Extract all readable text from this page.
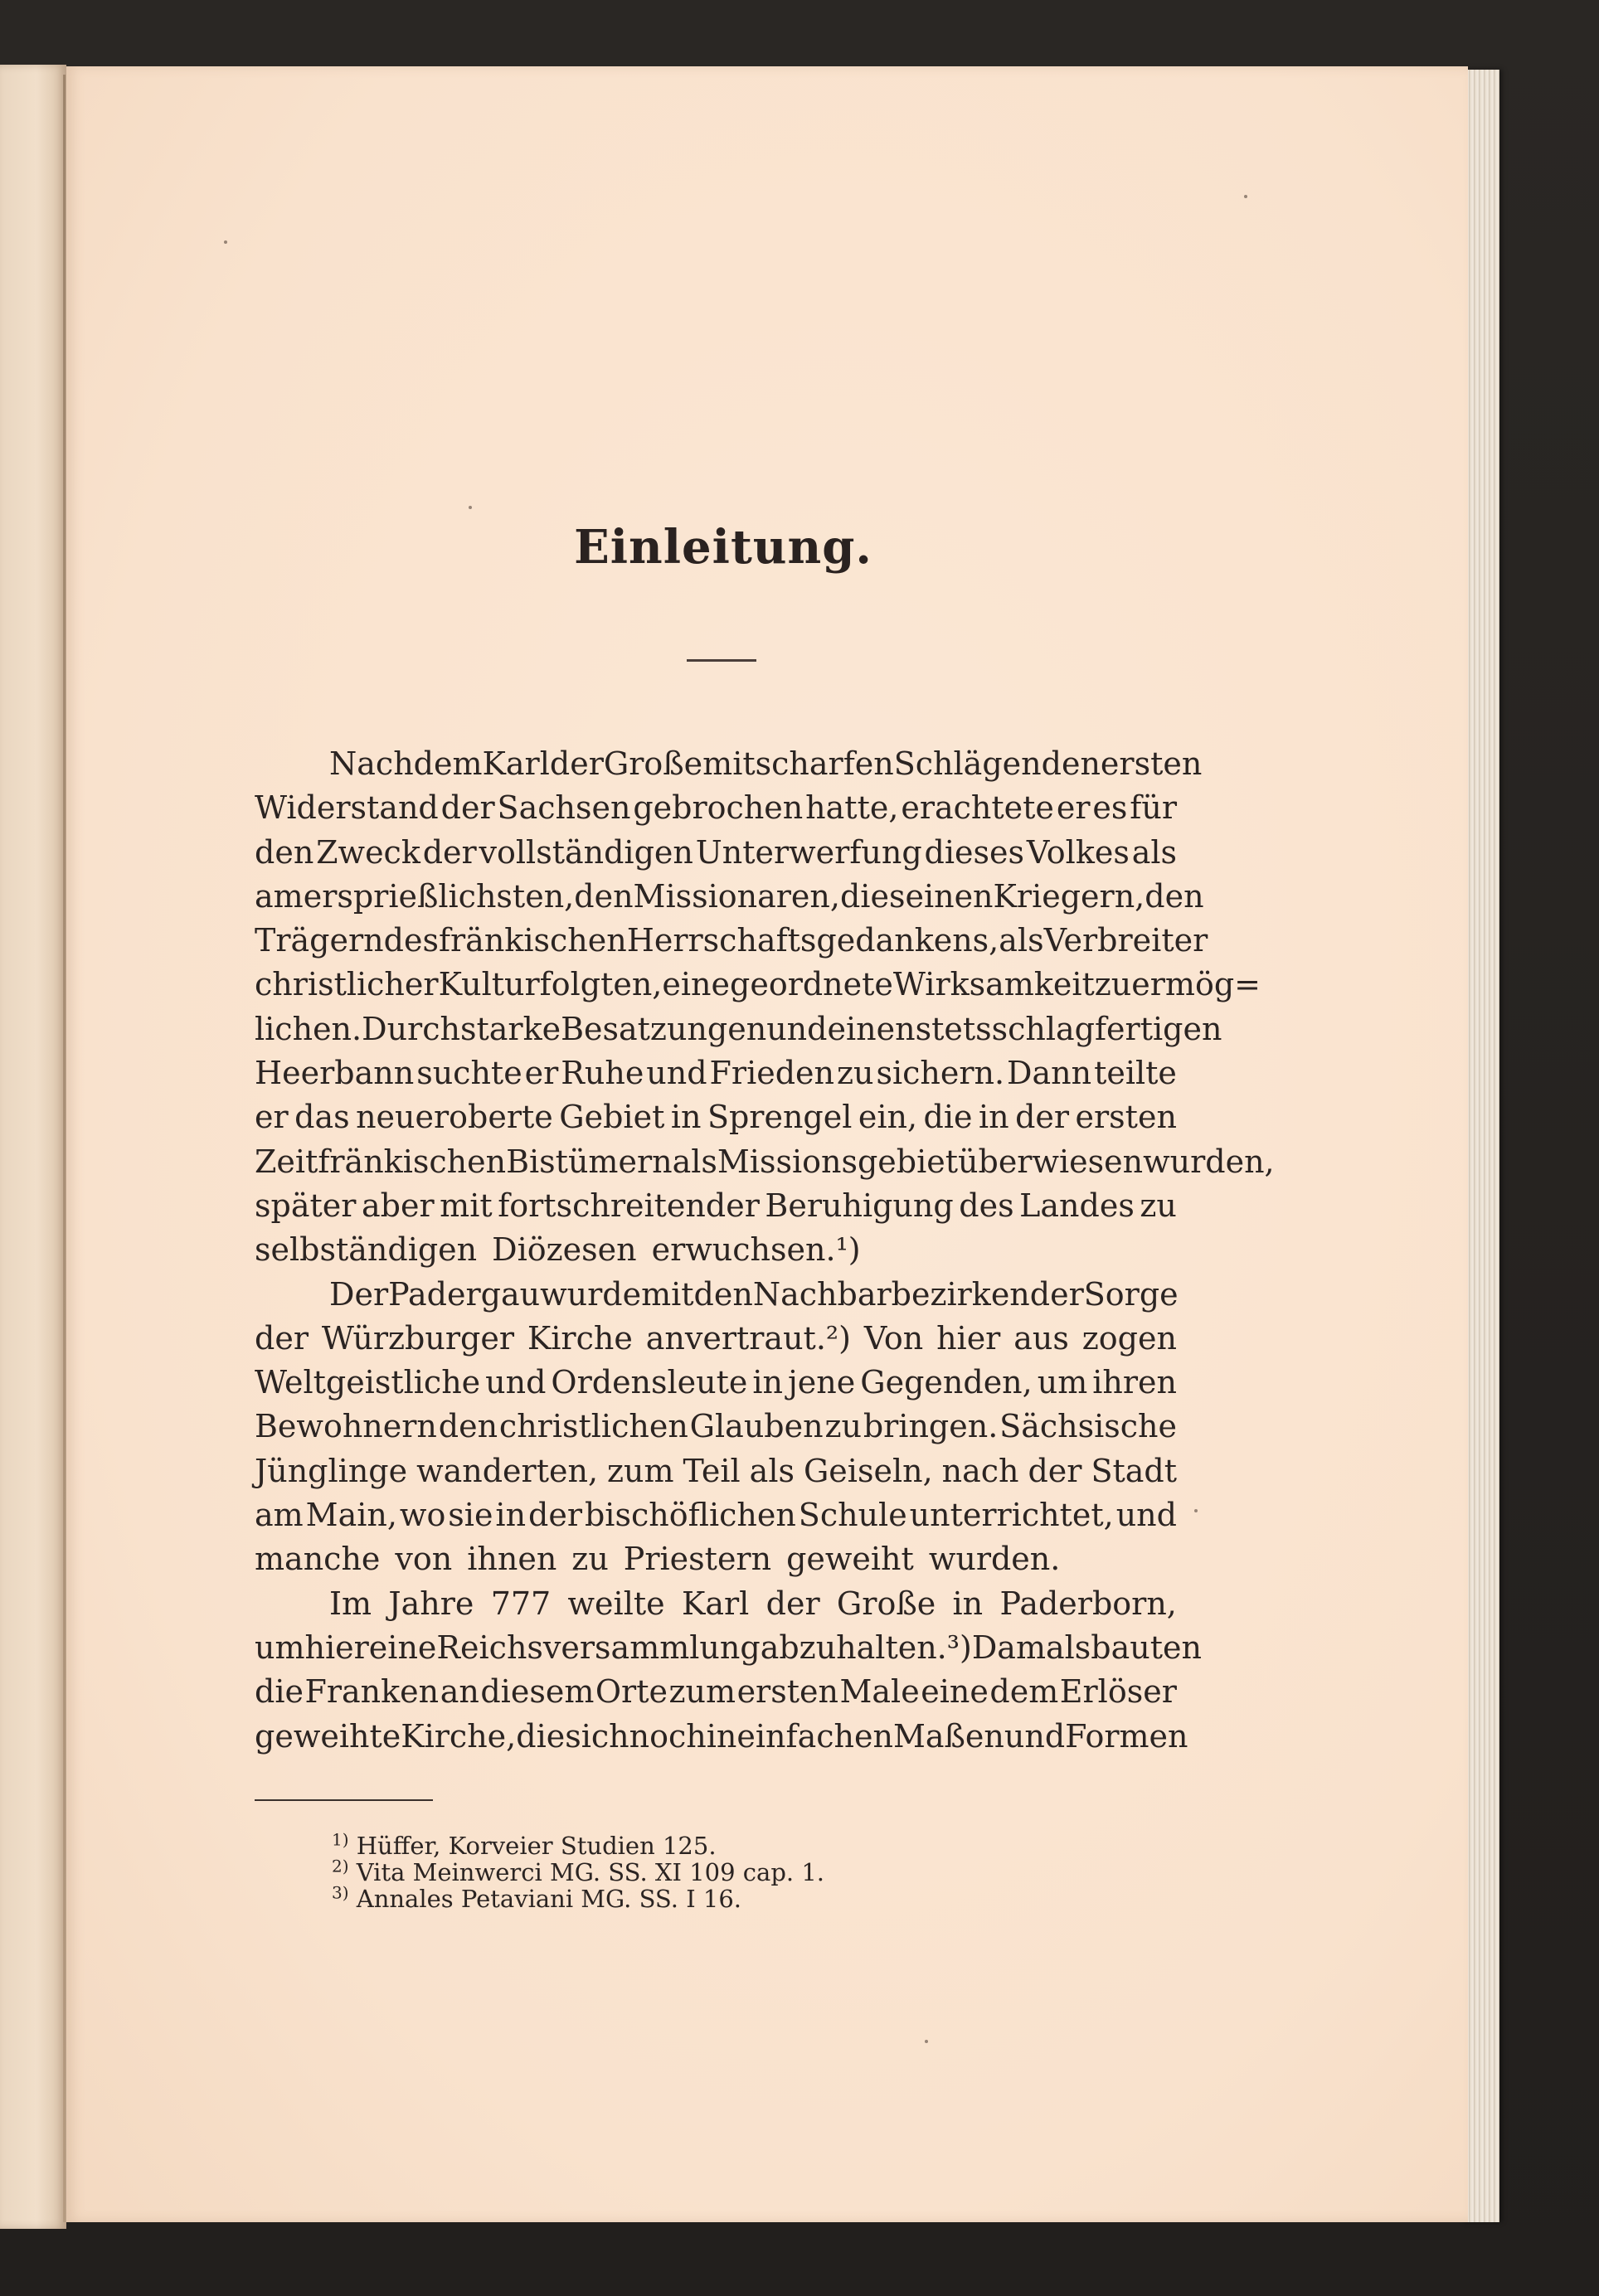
Einleitung.
Nachdem Karl der Große mit scharfen Schlägen den ersten
Widerstand der Sachsen gebrochen hatte, erachtete er es für
den Zweck der vollständigen Unterwerfung dieses Volkes als
am ersprießlichsten, den Missionaren, die seinen Kriegern, den
Trägern des fränkischen Herrschaftsgedankens, als Verbreiter
christlicher Kultur folgten, eine geordnete Wirksamkeit zu ermög=
lichen. Durch starke Besatzungen und einen stets schlagfertigen
Heerbann suchte er Ruhe und Frieden zu sichern. Dann teilte
er das neueroberte Gebiet in Sprengel ein, die in der ersten
Zeit fränkischen Bistümern als Missionsgebiet überwiesen wurden,
später aber mit fortschreitender Beruhigung des Landes zu
selbständigen Diözesen erwuchsen.¹)
Der Padergau wurde mit den Nachbarbezirken der Sorge
der Würzburger Kirche anvertraut.²) Von hier aus zogen
Weltgeistliche und Ordensleute in jene Gegenden, um ihren
Bewohnern den christlichen Glauben zu bringen. Sächsische
Jünglinge wanderten, zum Teil als Geiseln, nach der Stadt
am Main, wo sie in der bischöflichen Schule unterrichtet, und
manche von ihnen zu Priestern geweiht wurden.
Im Jahre 777 weilte Karl der Große in Paderborn,
um hier eine Reichsversammlung abzuhalten.³) Damals bauten
die Franken an diesem Orte zum ersten Male eine dem Erlöser
geweihte Kirche, die sich noch in einfachen Maßen und Formen
$^{1)}$ Hüffer, Korveier Studien 125.
$^{2)}$ Vita Meinwerci MG. SS. XI 109 cap. 1.
$^{3)}$ Annales Petaviani MG. SS. I 16.
